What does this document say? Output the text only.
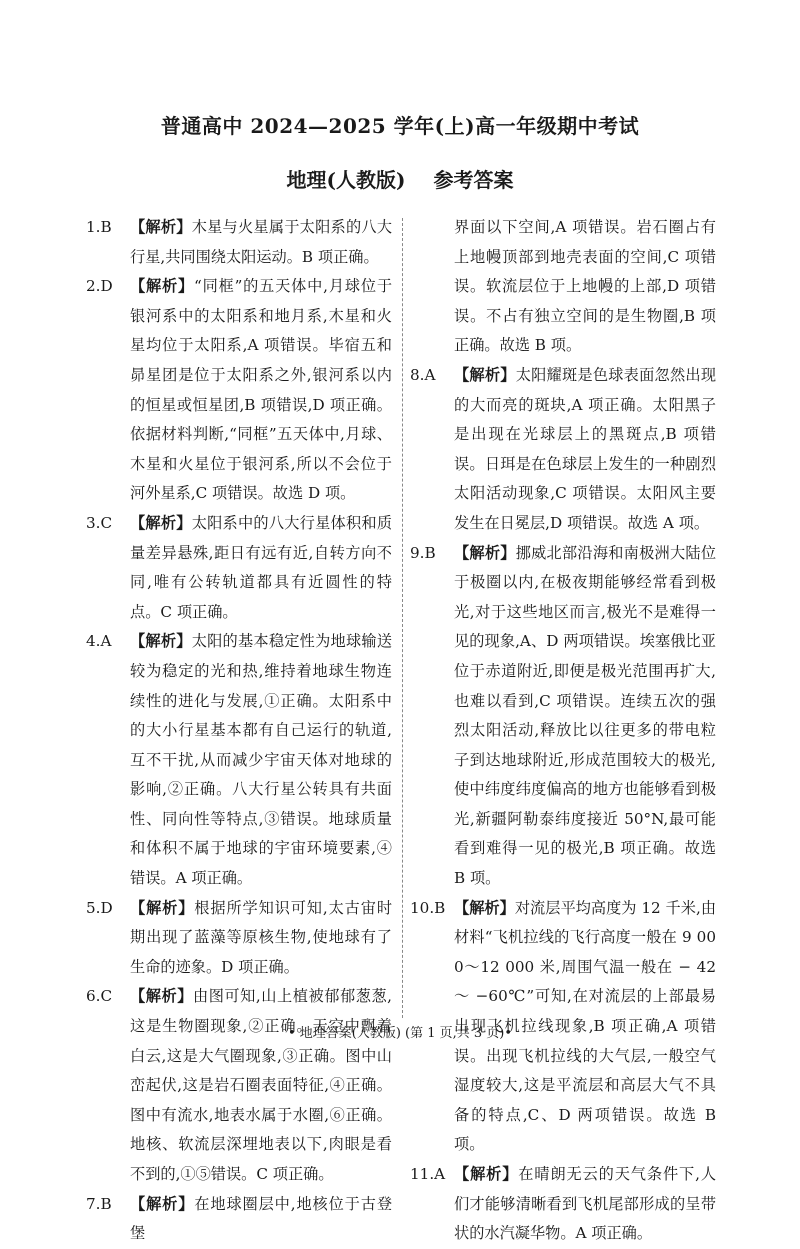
普通高中 2024—2025 学年(上)高一年级期中考试
地理(人教版) 参考答案
1.B 【解析】木星与火星属于太阳系的八大行星,共同围绕太阳运动。B 项正确。
2.D 【解析】“同框”的五天体中,月球位于银河系中的太阳系和地月系,木星和火星均位于太阳系,A 项错误。毕宿五和昴星团是位于太阳系之外,银河系以内的恒星或恒星团,B 项错误,D 项正确。依据材料判断,“同框”五天体中,月球、木星和火星位于银河系,所以不会位于河外星系,C 项错误。故选 D 项。
3.C 【解析】太阳系中的八大行星体积和质量差异悬殊,距日有远有近,自转方向不同,唯有公转轨道都具有近圆性的特点。C 项正确。
4.A 【解析】太阳的基本稳定性为地球输送较为稳定的光和热,维持着地球生物连续性的进化与发展,①正确。太阳系中的大小行星基本都有自己运行的轨道,互不干扰,从而减少宇宙天体对地球的影响,②正确。八大行星公转具有共面性、同向性等特点,③错误。地球质量和体积不属于地球的宇宙环境要素,④错误。A 项正确。
5.D 【解析】根据所学知识可知,太古宙时期出现了蓝藻等原核生物,使地球有了生命的迹象。D 项正确。
6.C 【解析】由图可知,山上植被郁郁葱葱,这是生物圈现象,②正确。天空中飘着白云,这是大气圈现象,③正确。图中山峦起伏,这是岩石圈表面特征,④正确。图中有流水,地表水属于水圈,⑥正确。地核、软流层深埋地表以下,肉眼是看不到的,①⑤错误。C 项正确。
7.B 【解析】在地球圈层中,地核位于古登堡
界面以下空间,A 项错误。岩石圈占有上地幔顶部到地壳表面的空间,C 项错误。软流层位于上地幔的上部,D 项错误。不占有独立空间的是生物圈,B 项正确。故选 B 项。
8.A 【解析】太阳耀斑是色球表面忽然出现的大而亮的斑块,A 项正确。太阳黑子是出现在光球层上的黑斑点,B 项错误。日珥是在色球层上发生的一种剧烈太阳活动现象,C 项错误。太阳风主要发生在日冕层,D 项错误。故选 A 项。
9.B 【解析】挪威北部沿海和南极洲大陆位于极圈以内,在极夜期能够经常看到极光,对于这些地区而言,极光不是难得一见的现象,A、D 两项错误。埃塞俄比亚位于赤道附近,即便是极光范围再扩大,也难以看到,C 项错误。连续五次的强烈太阳活动,释放比以往更多的带电粒子到达地球附近,形成范围较大的极光,使中纬度纬度偏高的地方也能够看到极光,新疆阿勒泰纬度接近 50°N,最可能看到难得一见的极光,B 项正确。故选 B 项。
10.B 【解析】对流层平均高度为 12 千米,由材料“飞机拉线的飞行高度一般在 9 000～12 000 米,周围气温一般在 − 42 ～ −60℃”可知,在对流层的上部最易出现飞机拉线现象,B 项正确,A 项错误。出现飞机拉线的大气层,一般空气湿度较大,这是平流层和高层大气不具备的特点,C、D 两项错误。故选 B 项。
11.A 【解析】在晴朗无云的天气条件下,人们才能够清晰看到飞机尾部形成的呈带状的水汽凝华物。A 项正确。
• 地理答案(人教版) (第 1 页,共 3 页)•
